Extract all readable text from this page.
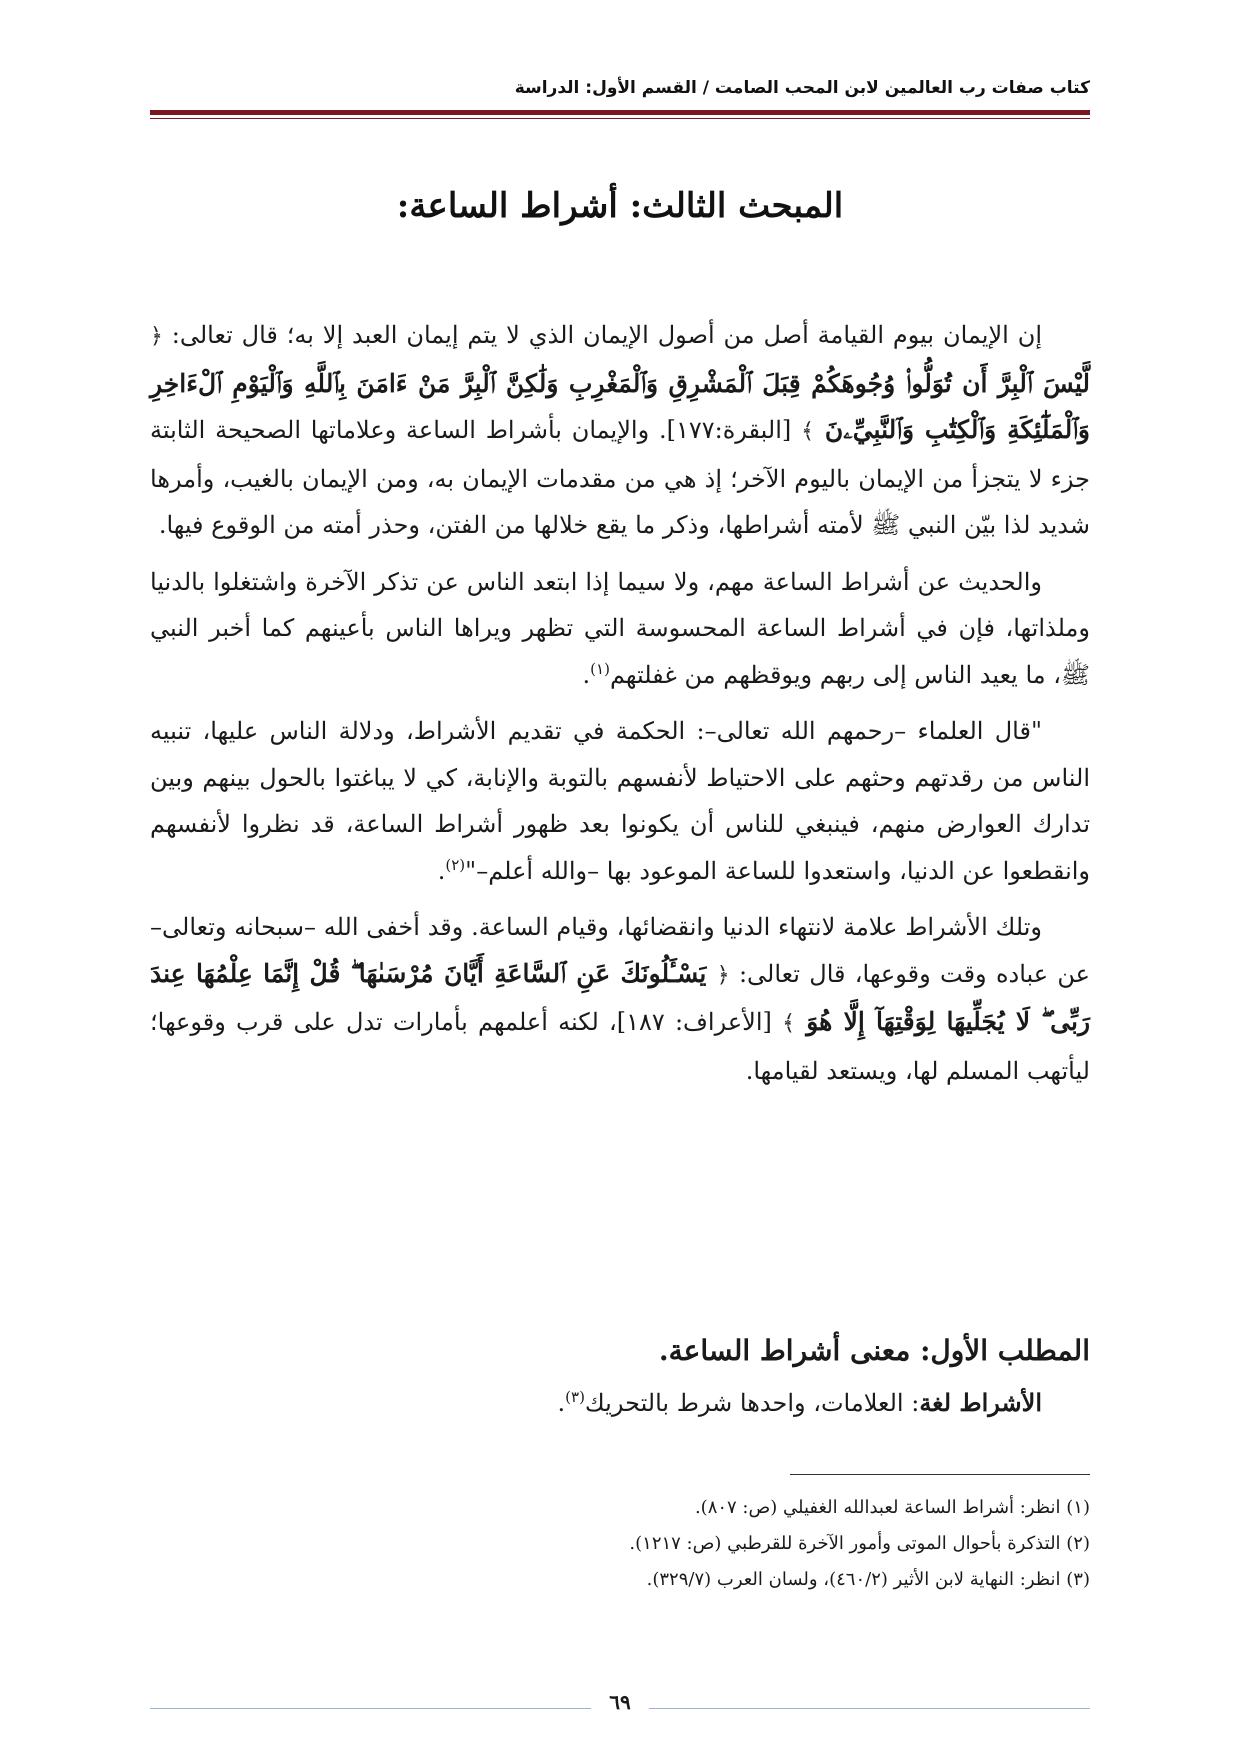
كتاب صفات رب العالمين لابن المحب الصامت / القسم الأول: الدراسة
المبحث الثالث: أشراط الساعة:

إن الإيمان بيوم القيامة أصل من أصول الإيمان الذي لا يتم إيمان العبد إلا به؛ قال تعالى: ﴿ لَّيْسَ ٱلْبِرَّ أَن تُوَلُّوا۟ وُجُوهَكُمْ قِبَلَ ٱلْمَشْرِقِ وَٱلْمَغْرِبِ وَلَٰكِنَّ ٱلْبِرَّ مَنْ ءَامَنَ بِٱللَّهِ وَٱلْيَوْمِ ٱلْءَاخِرِ وَٱلْمَلَٰٓئِكَةِ وَٱلْكِتَٰبِ وَٱلنَّبِيِّۦنَ ﴾ [البقرة:١٧٧]. والإيمان بأشراط الساعة وعلاماتها الصحيحة الثابتة جزء لا يتجزأ من الإيمان باليوم الآخر؛ إذ هي من مقدمات الإيمان به، ومن الإيمان بالغيب، وأمرها شديد لذا بيّن النبي ﷺ لأمته أشراطها، وذكر ما يقع خلالها من الفتن، وحذر أمته من الوقوع فيها.

والحديث عن أشراط الساعة مهم، ولا سيما إذا ابتعد الناس عن تذكر الآخرة واشتغلوا بالدنيا وملذاتها، فإن في أشراط الساعة المحسوسة التي تظهر ويراها الناس بأعينهم كما أخبر النبي ﷺ، ما يعيد الناس إلى ربهم ويوقظهم من غفلتهم$^{(١)}$.

"قال العلماء –رحمهم الله تعالى–: الحكمة في تقديم الأشراط، ودلالة الناس عليها، تنبيه الناس من رقدتهم وحثهم على الاحتياط لأنفسهم بالتوبة والإنابة، كي لا يباغتوا بالحول بينهم وبين تدارك العوارض منهم، فينبغي للناس أن يكونوا بعد ظهور أشراط الساعة، قد نظروا لأنفسهم وانقطعوا عن الدنيا، واستعدوا للساعة الموعود بها –والله أعلم–"$^{(٢)}$.

وتلك الأشراط علامة لانتهاء الدنيا وانقضائها، وقيام الساعة. وقد أخفى الله –سبحانه وتعالى– عن عباده وقت وقوعها، قال تعالى: ﴿ يَسْـَٔلُونَكَ عَنِ ٱلسَّاعَةِ أَيَّانَ مُرْسَىٰهَا ۖ قُلْ إِنَّمَا عِلْمُهَا عِندَ رَبِّى ۖ لَا يُجَلِّيهَا لِوَقْتِهَآ إِلَّا هُوَ ﴾ [الأعراف: ١٨٧]، لكنه أعلمهم بأمارات تدل على قرب وقوعها؛ ليأتهب المسلم لها، ويستعد لقيامها.

المطلب الأول: معنى أشراط الساعة.
الأشراط لغة: العلامات، واحدها شرط بالتحريك$^{(٣)}$.
(١) انظر: أشراط الساعة لعبدالله الغفيلي (ص: ٨٠٧).
(٢) التذكرة بأحوال الموتى وأمور الآخرة للقرطبي (ص: ١٢١٧).
(٣) انظر: النهاية لابن الأثير (٤٦٠/٢)، ولسان العرب (٣٢٩/٧).
٦٩
